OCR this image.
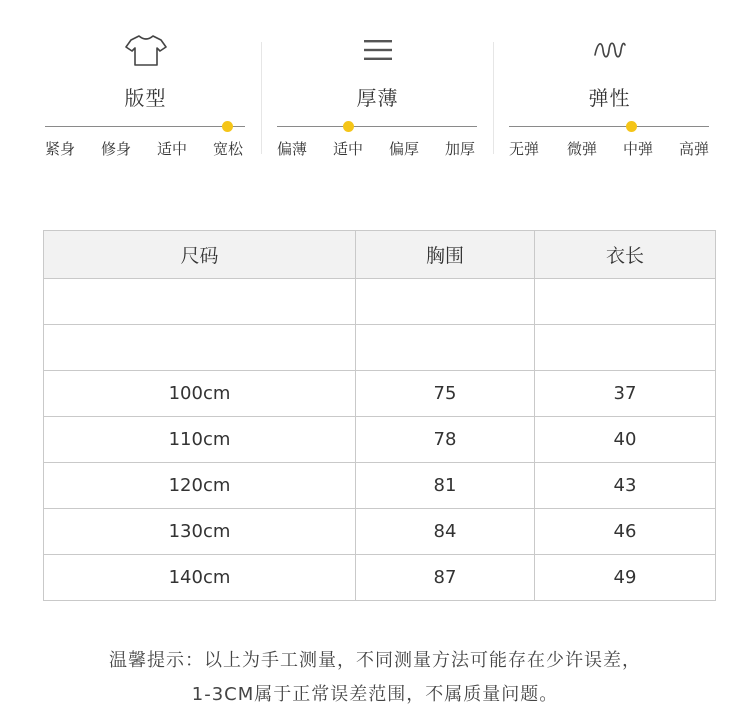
版型
紧身 修身 适中 宽松
厚薄
偏薄 适中 偏厚 加厚
弹性
无弹 微弹 中弹 高弹
尺码	胸围	衣长

100cm	75	37
110cm	78	40
120cm	81	43
130cm	84	46
140cm	87	49
温馨提示：以上为手工测量，不同测量方法可能存在少许误差，
1-3CM属于正常误差范围，不属质量问题。
